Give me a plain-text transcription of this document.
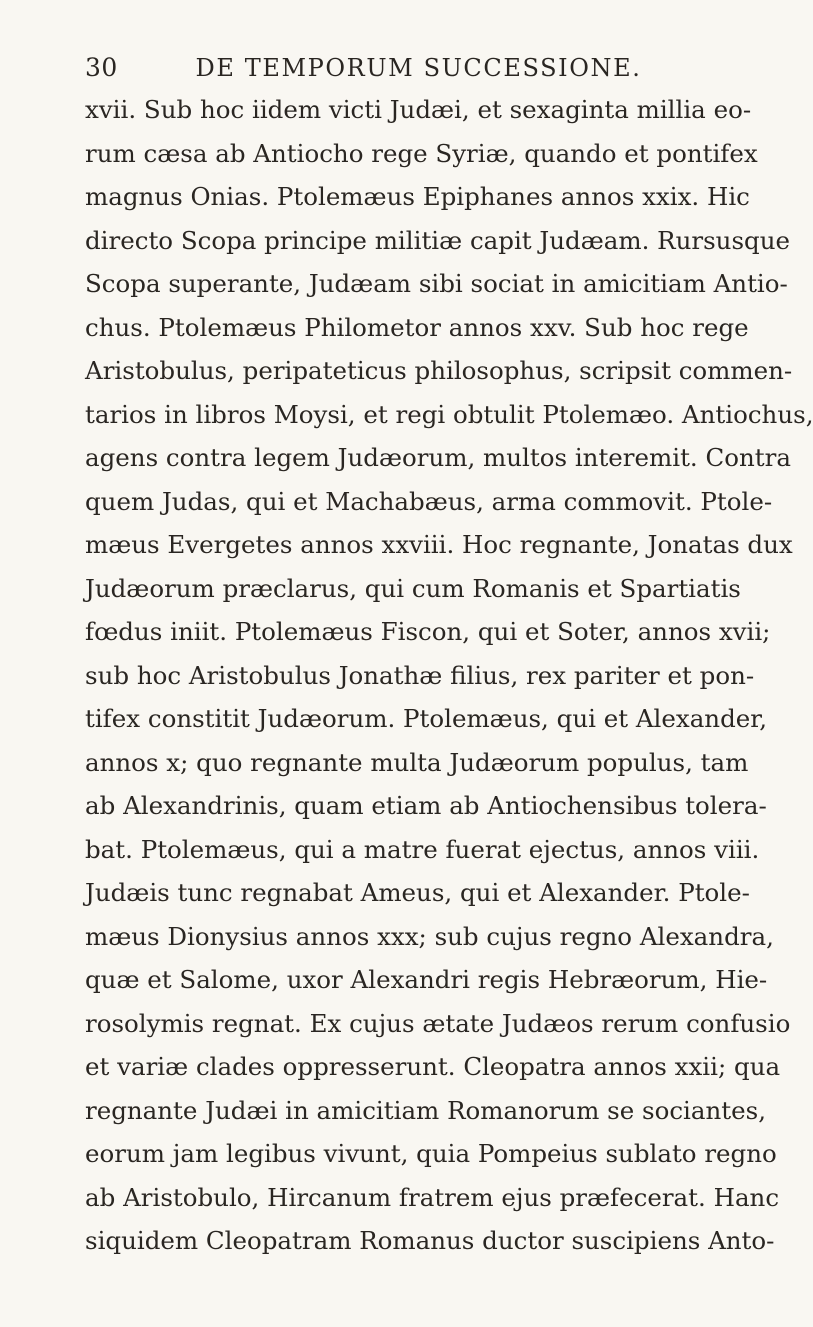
30	DE TEMPORUM SUCCESSIONE.
xvii. Sub hoc iidem victi Judæi, et sexaginta millia eo-
rum cæsa ab Antiocho rege Syriæ, quando et pontifex
magnus Onias. Ptolemæus Epiphanes annos xxix. Hic
directo Scopa principe militiæ capit Judæam. Rursusque
Scopa superante, Judæam sibi sociat in amicitiam Antio-
chus. Ptolemæus Philometor annos xxv. Sub hoc rege
Aristobulus, peripateticus philosophus, scripsit commen-
tarios in libros Moysi, et regi obtulit Ptolemæo. Antiochus,
agens contra legem Judæorum, multos interemit. Contra
quem Judas, qui et Machabæus, arma commovit. Ptole-
mæus Evergetes annos xxviii. Hoc regnante, Jonatas dux
Judæorum præclarus, qui cum Romanis et Spartiatis
fœdus iniit. Ptolemæus Fiscon, qui et Soter, annos xvii;
sub hoc Aristobulus Jonathæ filius, rex pariter et pon-
tifex constitit Judæorum. Ptolemæus, qui et Alexander,
annos x; quo regnante multa Judæorum populus, tam
ab Alexandrinis, quam etiam ab Antiochensibus tolera-
bat. Ptolemæus, qui a matre fuerat ejectus, annos viii.
Judæis tunc regnabat Ameus, qui et Alexander. Ptole-
mæus Dionysius annos xxx; sub cujus regno Alexandra,
quæ et Salome, uxor Alexandri regis Hebræorum, Hie-
rosolymis regnat. Ex cujus ætate Judæos rerum confusio
et variæ clades oppresserunt. Cleopatra annos xxii; qua
regnante Judæi in amicitiam Romanorum se sociantes,
eorum jam legibus vivunt, quia Pompeius sublato regno
ab Aristobulo, Hircanum fratrem ejus præfecerat. Hanc
siquidem Cleopatram Romanus ductor suscipiens Anto-
